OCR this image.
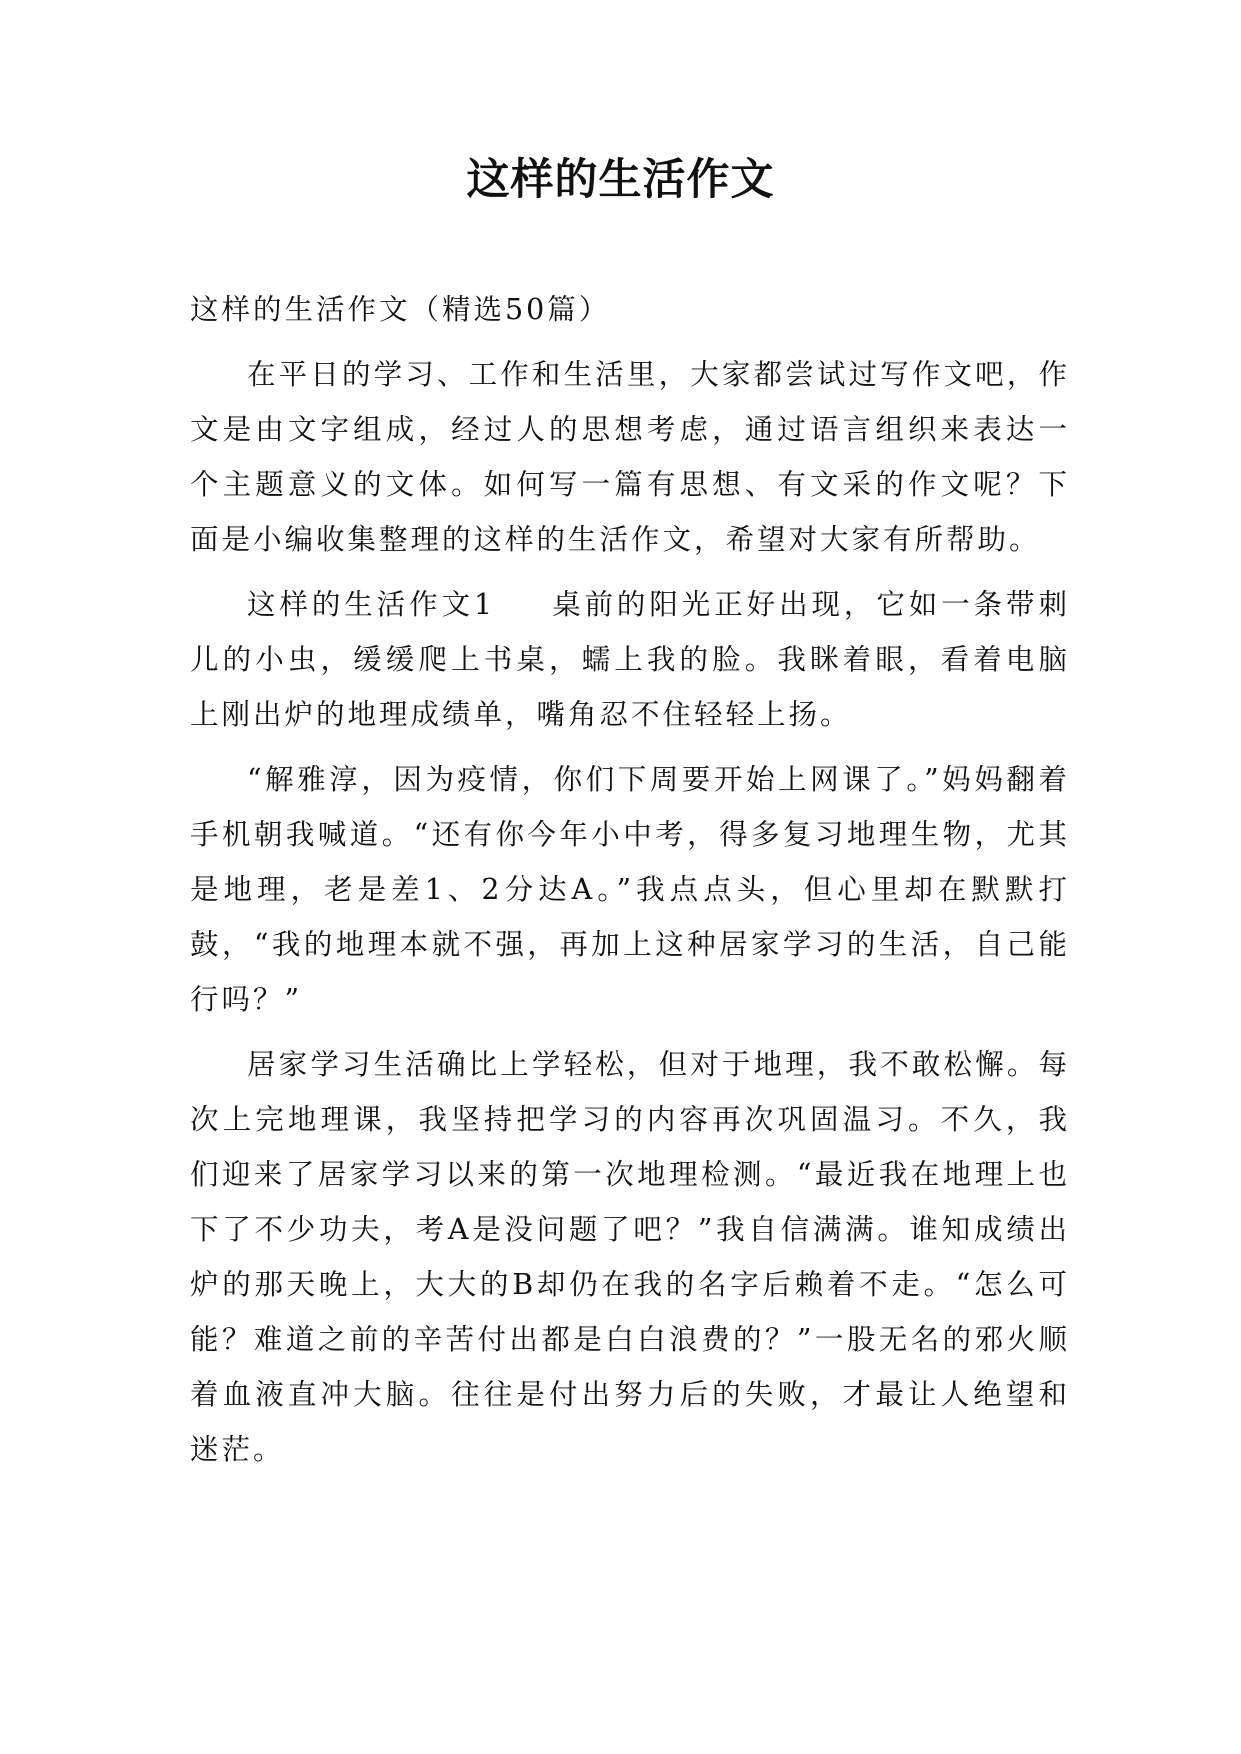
这样的生活作文
这样的生活作文（精选50篇）

在平日的学习、工作和生活里，大家都尝试过写作文吧，作文是由文字组成，经过人的思想考虑，通过语言组织来表达一个主题意义的文体。如何写一篇有思想、有文采的作文呢？下面是小编收集整理的这样的生活作文，希望对大家有所帮助。

这样的生活作文1 桌前的阳光正好出现，它如一条带刺儿的小虫，缓缓爬上书桌，蠕上我的脸。我眯着眼，看着电脑上刚出炉的地理成绩单，嘴角忍不住轻轻上扬。

“解雅淳，因为疫情，你们下周要开始上网课了。”妈妈翻着手机朝我喊道。“还有你今年小中考，得多复习地理生物，尤其是地理，老是差1、2分达A。”我点点头，但心里却在默默打鼓，“我的地理本就不强，再加上这种居家学习的生活，自己能行吗？”

居家学习生活确比上学轻松，但对于地理，我不敢松懈。每次上完地理课，我坚持把学习的内容再次巩固温习。不久，我们迎来了居家学习以来的第一次地理检测。“最近我在地理上也下了不少功夫，考A是没问题了吧？”我自信满满。谁知成绩出炉的那天晚上，大大的B却仍在我的名字后赖着不走。“怎么可能？难道之前的辛苦付出都是白白浪费的？”一股无名的邪火顺着血液直冲大脑。往往是付出努力后的失败，才最让人绝望和迷茫。
